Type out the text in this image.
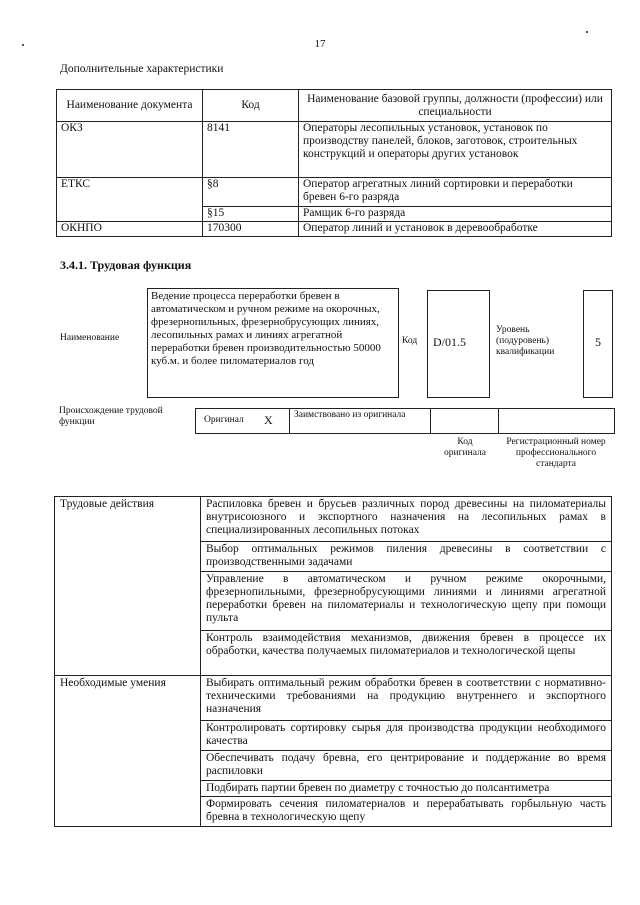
17
Дополнительные характеристики
Наименование документа	Код	Наименование базовой группы, должности (профессии) или специальности
ОКЗ	8141	Операторы лесопильных установок, установок по производству панелей, блоков, заготовок, строительных конструкций и операторы других установок
ЕТКС	§8	Оператор агрегатных линий сортировки и переработки бревен 6-го разряда
	§15	Рамщик 6-го разряда
ОКНПО	170300	Оператор линий и установок в деревообработке
3.4.1. Трудовая функция
Наименование
Ведение процесса переработки бревен в автоматическом и ручном режиме на окорочных, фрезернопильных, фрезернобрусующих линиях, лесопильных рамах и линиях агрегатной переработки бревен производительностью 50000 куб.м. и более пиломатериалов год
Код D/01.5
Уровень (подуровень) квалификации
5
Происхождение трудовой функции	Оригинал X Заимствовано из оригинала
Код оригинала
Регистрационный номер профессионального стандарта
Трудовые действия	Распиловка бревен и брусьев различных пород древесины на пиломатериалы внутрисоюзного и экспортного назначения на лесопильных рамах в специализированных лесопильных потоках
	Выбор оптимальных режимов пиления древесины в соответствии с производственными задачами
	Управление в автоматическом и ручном режиме окорочными, фрезернопильными, фрезернобрусующими линиями и линиями агрегатной переработки бревен на пиломатериалы и технологическую щепу при помощи пульта
	Контроль взаимодействия механизмов, движения бревен в процессе их обработки, качества получаемых пиломатериалов и технологической щепы
Необходимые умения	Выбирать оптимальный режим обработки бревен в соответствии с нормативно-техническими требованиями на продукцию внутреннего и экспортного назначения
	Контролировать сортировку сырья для производства продукции необходимого качества
	Обеспечивать подачу бревна, его центрирование и поддержание во время распиловки
	Подбирать партии бревен по диаметру с точностью до полсантиметра
	Формировать сечения пиломатериалов и перерабатывать горбыльную часть бревна в технологическую щепу
